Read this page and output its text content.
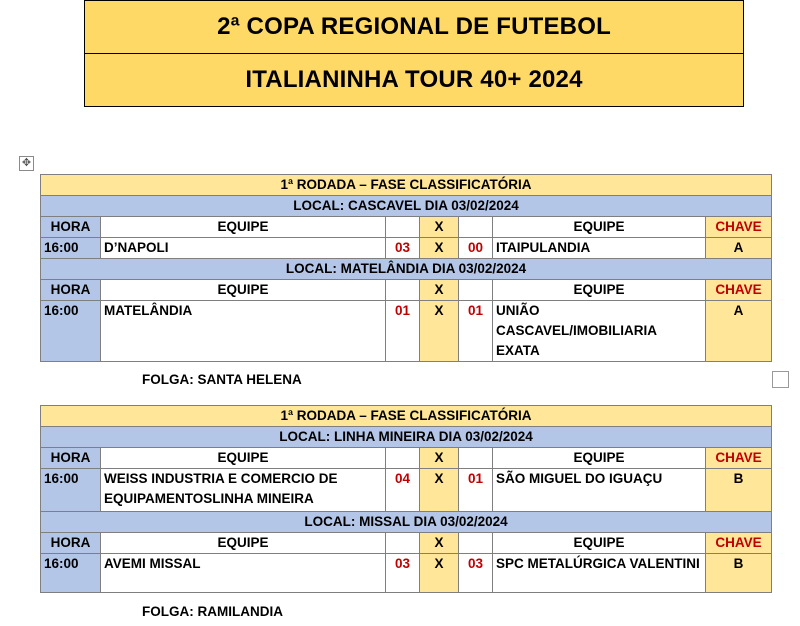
2ª COPA REGIONAL DE FUTEBOL
ITALIANINHA TOUR 40+ 2024
✥
1ª RODADA – FASE CLASSIFICATÓRIA						
LOCAL: CASCAVEL DIA 03/02/2024						
HORA	EQUIPE		X		EQUIPE	CHAVE
16:00	D’NAPOLI	03	X	00	ITAIPULANDIA	A
LOCAL: MATELÂNDIA DIA 03/02/2024						
HORA	EQUIPE		X		EQUIPE	CHAVE
16:00	MATELÂNDIA	01	X	01	UNIÃO CASCAVEL/IMOBILIARIA EXATA	A
FOLGA: SANTA HELENA
1ª RODADA – FASE CLASSIFICATÓRIA						
LOCAL: LINHA MINEIRA DIA 03/02/2024						
HORA	EQUIPE		X		EQUIPE	CHAVE
16:00	WEISS INDUSTRIA E COMERCIO DE EQUIPAMENTOSLINHA MINEIRA	04	X	01	SÃO MIGUEL DO IGUAÇU	B
LOCAL: MISSAL DIA 03/02/2024						
HORA	EQUIPE		X		EQUIPE	CHAVE
16:00	AVEMI MISSAL	03	X	03	SPC METALÚRGICA VALENTINI	B
FOLGA: RAMILANDIA
